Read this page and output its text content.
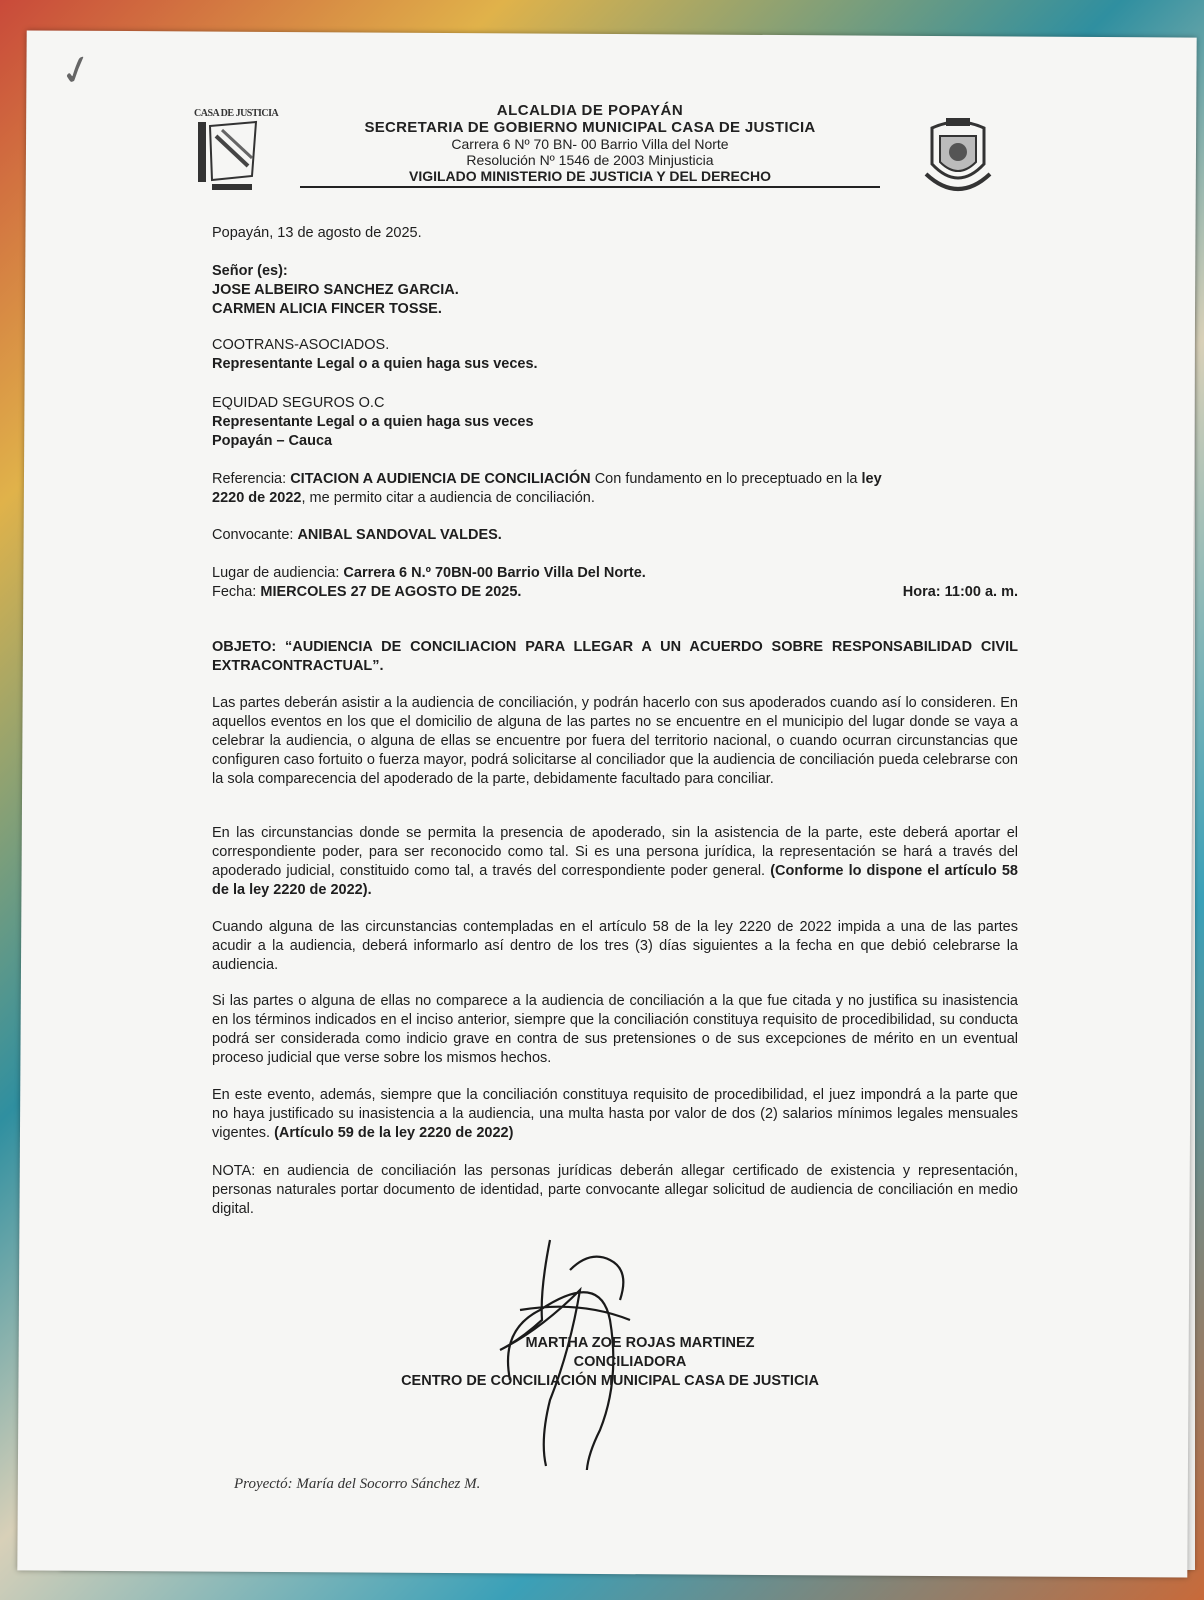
✓
CASA DE JUSTICIA	ALCALDIA DE POPAYÁN
SECRETARIA DE GOBIERNO MUNICIPAL CASA DE JUSTICIA
Carrera 6 Nº 70 BN- 00 Barrio Villa del Norte
Resolución Nº 1546 de 2003 Minjusticia
VIGILADO MINISTERIO DE JUSTICIA Y DEL DERECHO
Popayán, 13 de agosto de 2025.
Señor (es):
JOSE ALBEIRO SANCHEZ GARCIA.
CARMEN ALICIA FINCER TOSSE.
COOTRANS-ASOCIADOS.
Representante Legal o a quien haga sus veces.
EQUIDAD SEGUROS O.C
Representante Legal o a quien haga sus veces
Popayán – Cauca
Referencia: CITACION A AUDIENCIA DE CONCILIACIÓN Con fundamento en lo preceptuado en la ley
2220 de 2022, me permito citar a audiencia de conciliación.
Convocante: ANIBAL SANDOVAL VALDES.
Lugar de audiencia: Carrera 6 N.º 70BN-00 Barrio Villa Del Norte.
Fecha: MIERCOLES 27 DE AGOSTO DE 2025.	Hora: 11:00 a. m.
OBJETO: “AUDIENCIA DE CONCILIACION PARA LLEGAR A UN ACUERDO SOBRE RESPONSABILIDAD CIVIL EXTRACONTRACTUAL”.
Las partes deberán asistir a la audiencia de conciliación, y podrán hacerlo con sus apoderados cuando así lo consideren. En aquellos eventos en los que el domicilio de alguna de las partes no se encuentre en el municipio del lugar donde se vaya a celebrar la audiencia, o alguna de ellas se encuentre por fuera del territorio nacional, o cuando ocurran circunstancias que configuren caso fortuito o fuerza mayor, podrá solicitarse al conciliador que la audiencia de conciliación pueda celebrarse con la sola comparecencia del apoderado de la parte, debidamente facultado para conciliar.
En las circunstancias donde se permita la presencia de apoderado, sin la asistencia de la parte, este deberá aportar el correspondiente poder, para ser reconocido como tal. Si es una persona jurídica, la representación se hará a través del apoderado judicial, constituido como tal, a través del correspondiente poder general. (Conforme lo dispone el artículo 58 de la ley 2220 de 2022).
Cuando alguna de las circunstancias contempladas en el artículo 58 de la ley 2220 de 2022 impida a una de las partes acudir a la audiencia, deberá informarlo así dentro de los tres (3) días siguientes a la fecha en que debió celebrarse la audiencia.
Si las partes o alguna de ellas no comparece a la audiencia de conciliación a la que fue citada y no justifica su inasistencia en los términos indicados en el inciso anterior, siempre que la conciliación constituya requisito de procedibilidad, su conducta podrá ser considerada como indicio grave en contra de sus pretensiones o de sus excepciones de mérito en un eventual proceso judicial que verse sobre los mismos hechos.
En este evento, además, siempre que la conciliación constituya requisito de procedibilidad, el juez impondrá a la parte que no haya justificado su inasistencia a la audiencia, una multa hasta por valor de dos (2) salarios mínimos legales mensuales vigentes. (Artículo 59 de la ley 2220 de 2022)
NOTA: en audiencia de conciliación las personas jurídicas deberán allegar certificado de existencia y representación, personas naturales portar documento de identidad, parte convocante allegar solicitud de audiencia de conciliación en medio digital.
MARTHA ZOE ROJAS MARTINEZ
CONCILIADORA
CENTRO DE CONCILIACIÓN MUNICIPAL CASA DE JUSTICIA
Proyectó: María del Socorro Sánchez M.
